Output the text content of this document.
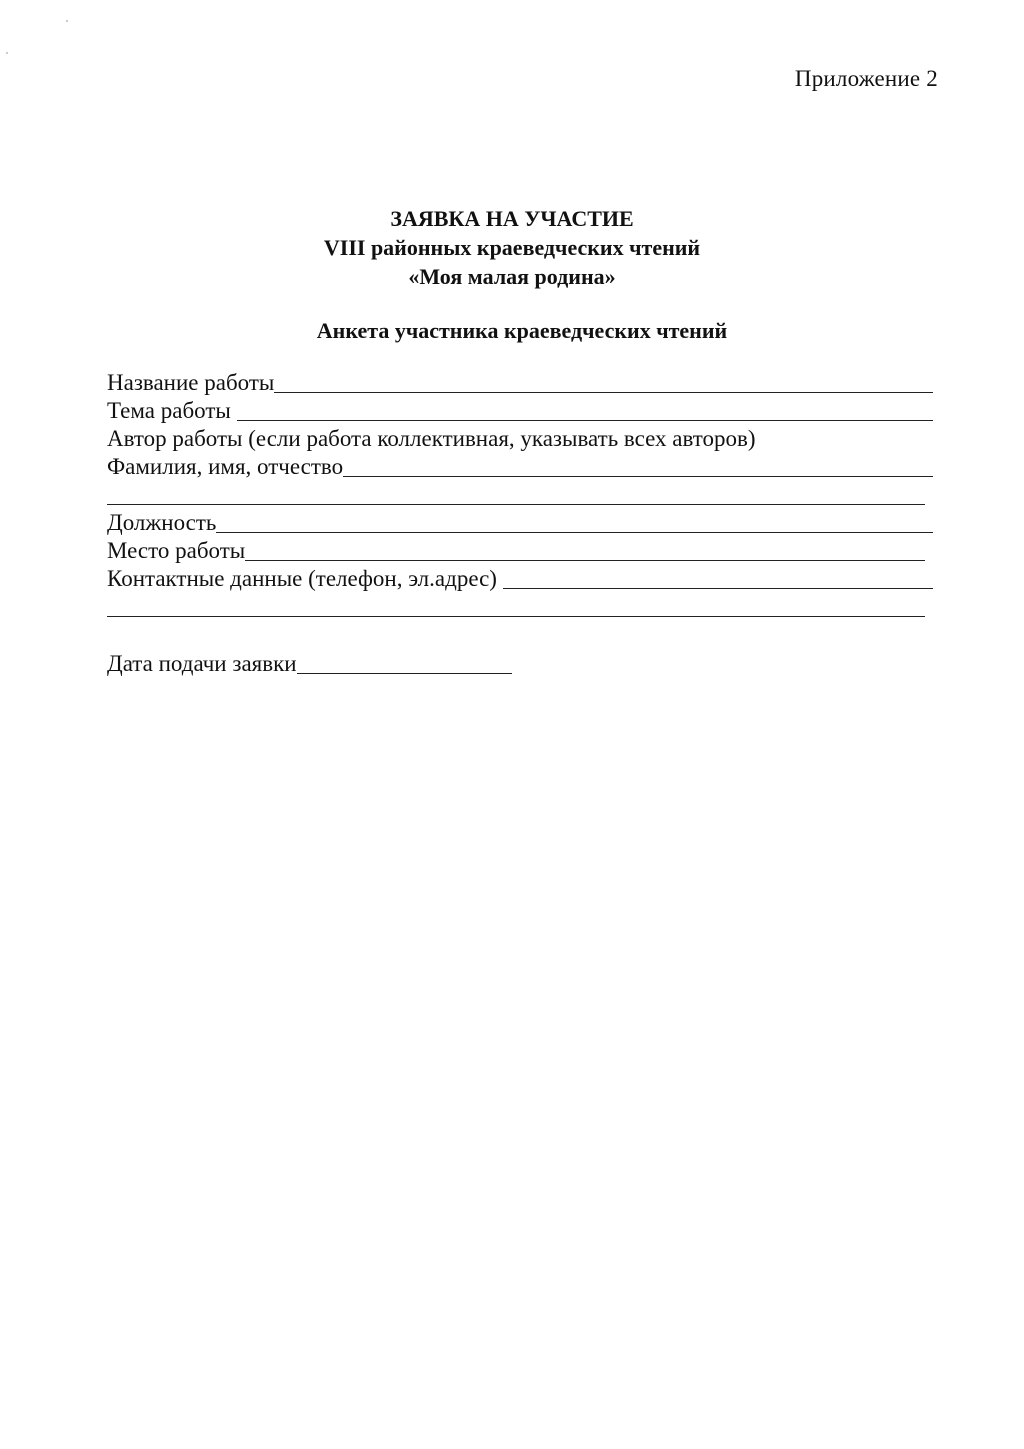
Приложение 2
ЗАЯВКА НА УЧАСТИЕ
VIII районных краеведческих чтений
«Моя малая родина»
Анкета участника краеведческих чтений
Название работы
Тема работы
Автор работы (если работа коллективная, указывать всех авторов)
Фамилия, имя, отчество
Должность
Место работы
Контактные данные (телефон, эл.адрес)
Дата подачи заявки
